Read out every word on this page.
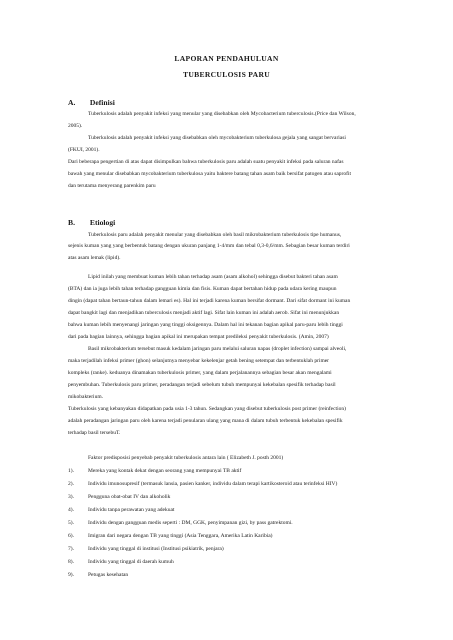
LAPORAN PENDAHULUAN
TUBERCULOSIS PARU
A. Definisi
Tuberkulosis adalah penyakit infeksi yang menular yang disebabkan oleh Mycobacterium tuberculosis.(Price dan Wilson,
2005).
Tuberkulosis adalah penyakit infeksi yang disebabkan oleh mycobakterium tuberkulosa gejala yang sangat bervariasi
(FKUI, 2001).
Dari beberapa pengertian di atas dapat disimpulkan bahwa tuberkulosis paru adalah suatu penyakit infeksi pada saluran nafas
bawah yang menular disebabkan mycobakterium tuberkulosa yaitu baktere batang tahan asam baik bersifat patogen atau saprofit
dan terutama menyerang parenkim paru
B. Etiologi
Tuberkulosis paru adalah penyakit menular yang disebabkan oleh basil mikrobakterium tuberkulosis tipe humanus,
sejenis kuman yang yang berbentuk batang dengan ukuran panjang 1-4/mm dan tebal 0,3-0,6/mm. Sebagian besar kuman terdiri
atas asam lemak (lipid).
Lipid inilah yang membuat kuman lebih tahan terhadap asam (asam alkohol) sehingga disebut bakteri tahan asam
(BTA) dan ia juga lebih tahan terhadap gangguan kimia dan fisis. Kuman dapat bertahan hidup pada udara kering maupun
dingin (dapat tahan bertaun-tahun dalam lemari es). Hal ini terjadi karena kuman bersifat dormant. Dari sifat dormant ini kuman
dapat bangkit lagi dan menjadikan tuberculosis menjadi aktif lagi. Sifat lain kuman ini adalah aerob. Sifat ini menunjukkan
bahwa kuman lebih menyenangi jaringan yang tinggi oksigennya. Dalam hal ini tekanan bagian apikal paru-paru lebih tinggi
dari pada bagian lainnya, sehingga bagian apikal ini merupakan tempat predileksi penyakit tuberkulosis. (Amin, 2007)
Basil mikrobakterium tersebut masuk kedalam jaringan paru melalui saluran napas (droplet infection) sampai alveoli,
maka terjadilah infeksi primer (ghon) selanjutnya menyebar kekelenjar getah bening setempat dan terbentuklah primer
kompleks (ranke). keduanya dinamakan tuberkulosis primer, yang dalam perjalanannya sebagian besar akan mengalami
penyembuhan. Tuberkulosis paru primer, peradangan terjadi sebelum tubuh mempunyai kekebalan spesifik terhadap basil
mikobakterium.
Tuberkulosis yang kebanyakan didapatkan pada usia 1-3 tahun. Sedangkan yang disebut tuberkulosis post primer (reinfection)
adalah peradangan jaringan paru oleh karena terjadi penularan ulang yang mana di dalam tubuh terbentuk kekebalan spesifik
terhadap basil tersebuT.
Faktor predisposisi penyebab penyakit tuberkulosis antara lain ( Elizabeth J. posth 2001)
1).	Mereka yang kontak dekat dengan seorang yang mempunyai TB aktif
2).	Individu imunosupresif (termasuk lansia, pasien kanker, individu dalam terapi kartikosteroid atau terinfeksi HIV)
3).	Pengguna obat-obat IV dan alkoholik
4).	Individu tanpa perawatan yang adekuat
5).	Individu dengan gangguan medis seperti : DM, GGK, penyimpanan gizi, by pass gatrektomi.
6).	Imigran dari negara dengan TB yang tinggi (Asia Tenggara, Amerika Latin Karibia)
7).	Individu yang tinggal di institusi (Institusi psikiatrik, penjara)
8).	Individu yang tinggal di daerah kumuh
9).	Petugas kesehatan
